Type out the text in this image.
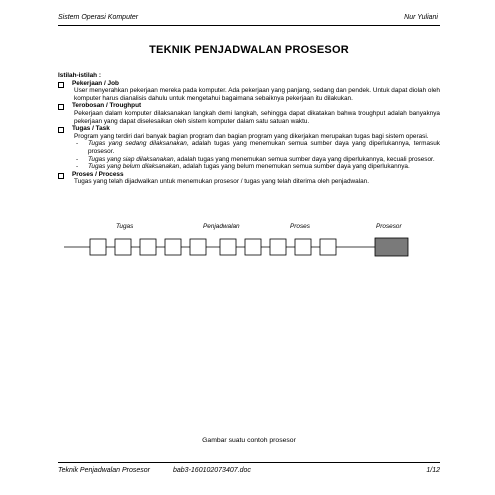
Sistem Operasi Komputer	Nur Yuliani
TEKNIK PENJADWALAN PROSESOR
Istilah-istilah :
Pekerjaan / Job
User menyerahkan pekerjaan mereka pada komputer. Ada pekerjaan yang panjang, sedang dan pendek. Untuk dapat diolah oleh komputer harus dianalisis dahulu untuk mengetahui bagaimana sebaiknya pekerjaan itu dilakukan.
Terobosan / Troughput
Pekerjaan dalam komputer dilaksanakan langkah demi langkah, sehingga dapat dikatakan bahwa troughput adalah banyaknya pekerjaan yang dapat diselesaikan oleh sistem komputer dalam satu satuan waktu.
Tugas / Task
Program yang terdiri dari banyak bagian program dan bagian program yang dikerjakan merupakan tugas bagi sistem operasi.
- Tugas yang sedang dilaksanakan, adalah tugas yang menemukan semua sumber daya yang diperlukannya, termasuk prosesor.
- Tugas yang siap dilaksanakan, adalah tugas yang menemukan semua sumber daya yang diperlukannya, kecuali prosesor.
- Tugas yang belum dilaksanakan, adalah tugas yang belum menemukan semua sumber daya yang diperlukannya.
Proses / Process
Tugas yang telah dijadwalkan untuk menemukan prosesor / tugas yang telah diterima oleh penjadwalan.
Tugas	Penjadwalan	Proses	Prosesor
Gambar suatu contoh prosesor
Teknik Penjadwalan Prosesor	bab3-160102073407.doc	1/12
